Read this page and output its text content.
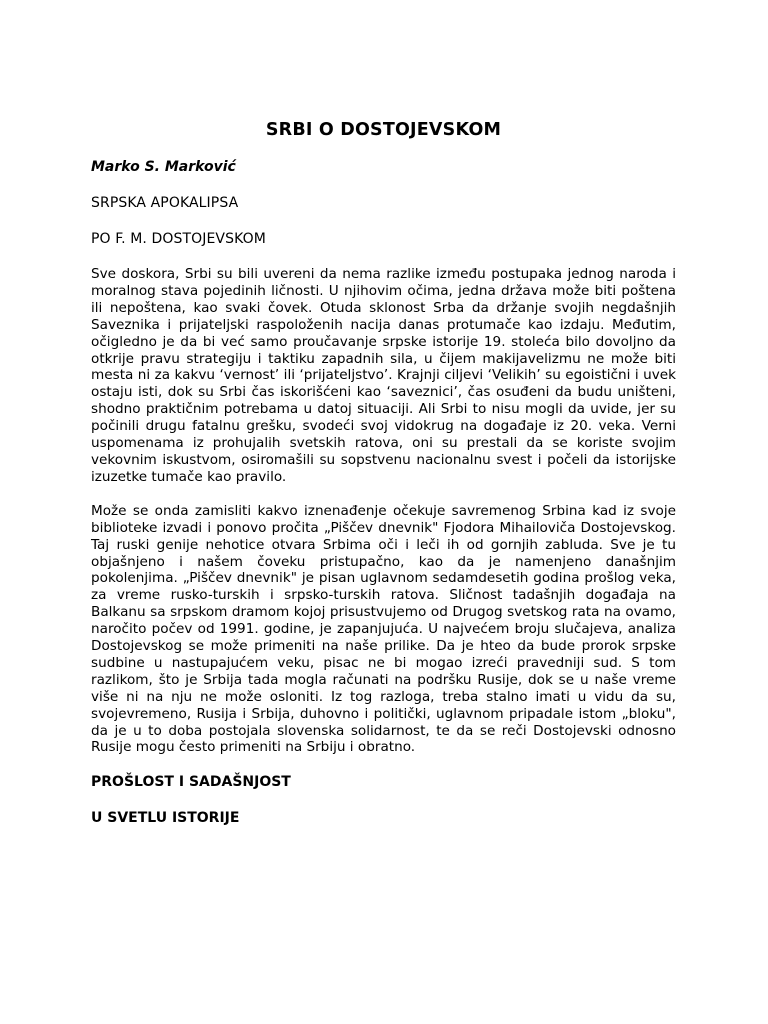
SRBI O DOSTOJEVSKOM
Marko S. Marković
SRPSKA APOKALIPSA
PO F. M. DOSTOJEVSKOM

Sve doskora, Srbi su bili uvereni da nema razlike između postupaka jednog naroda i moralnog stava pojedinih ličnosti. U njihovim očima, jedna država može biti poštena ili nepoštena, kao svaki čovek. Otuda sklonost Srba da držanje svojih negdašnjih Saveznika i prijateljski raspoloženih nacija danas protumače kao izdaju. Međutim, očigledno je da bi već samo proučavanje srpske istorije 19. stoleća bilo dovoljno da otkrije pravu strategiju i taktiku zapadnih sila, u čijem makijavelizmu ne može biti mesta ni za kakvu ‘vernost’ ili ‘prijateljstvo’. Krajnji ciljevi ‘Velikih’ su egoistični i uvek ostaju isti, dok su Srbi čas iskorišćeni kao ‘saveznici’, čas osuđeni da budu uništeni, shodno praktičnim potrebama u datoj situaciji. Ali Srbi to nisu mogli da uvide, jer su počinili drugu fatalnu grešku, svodeći svoj vidokrug na događaje iz 20. veka. Verni uspomenama iz prohujalih svetskih ratova, oni su prestali da se koriste svojim vekovnim iskustvom, osiromašili su sopstvenu nacionalnu svest i počeli da istorijske izuzetke tumače kao pravilo.

Može se onda zamisliti kakvo iznenađenje očekuje savremenog Srbina kad iz svoje biblioteke izvadi i ponovo pročita „Piščev dnevnik" Fjodora Mihailoviča Dostojevskog. Taj ruski genije nehotice otvara Srbima oči i leči ih od gornjih zabluda. Sve je tu objašnjeno i našem čoveku pristupačno, kao da je namenjeno današnjim pokolenjima. „Piščev dnevnik" je pisan uglavnom sedamdesetih godina prošlog veka, za vreme rusko-turskih i srpsko-turskih ratova. Sličnost tadašnjih događaja na Balkanu sa srpskom dramom kojoj prisustvujemo od Drugog svetskog rata na ovamo, naročito počev od 1991. godine, je zapanjujuća. U najvećem broju slučajeva, analiza Dostojevskog se može primeniti na naše prilike. Da je hteo da bude prorok srpske sudbine u nastupajućem veku, pisac ne bi mogao izreći pravedniji sud. S tom razlikom, što je Srbija tada mogla računati na podršku Rusije, dok se u naše vreme više ni na nju ne može osloniti. Iz tog razloga, treba stalno imati u vidu da su, svojevremeno, Rusija i Srbija, duhovno i politički, uglavnom pripadale istom „bloku", da je u to doba postojala slovenska solidarnost, te da se reči Dostojevski odnosno Rusije mogu često primeniti na Srbiju i obratno.

PROŠLOST I SADAŠNJOST
U SVETLU ISTORIJE
